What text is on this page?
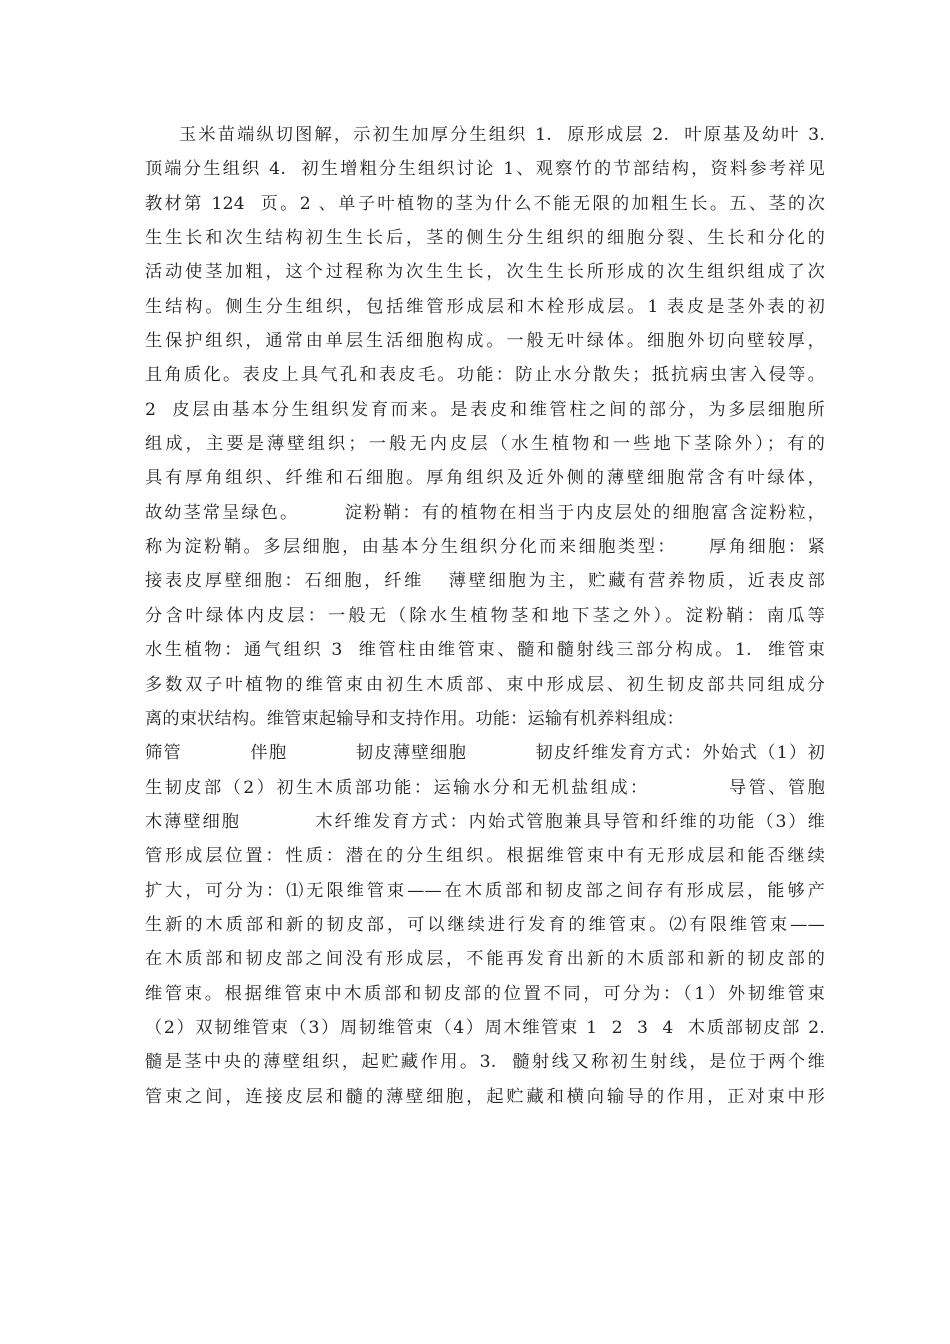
玉米苗端纵切图解，示初生加厚分生组织 1.  原形成层 2.  叶原基及幼叶 3.
顶端分生组织 4.  初生增粗分生组织讨论 1、观察竹的节部结构，资料参考祥见
教材第 124  页。2 、单子叶植物的茎为什么不能无限的加粗生长。五、茎的次
生生长和次生结构初生生长后，茎的侧生分生组织的细胞分裂、生长和分化的
活动使茎加粗，这个过程称为次生生长，次生生长所形成的次生组织组成了次
生结构。侧生分生组织，包括维管形成层和木栓形成层。1 表皮是茎外表的初
生保护组织，通常由单层生活细胞构成。一般无叶绿体。细胞外切向壁较厚，
且角质化。表皮上具气孔和表皮毛。功能：防止水分散失；抵抗病虫害入侵等。
2  皮层由基本分生组织发育而来。是表皮和维管柱之间的部分，为多层细胞所
组成，主要是薄壁组织；一般无内皮层（水生植物和一些地下茎除外）；有的
具有厚角组织、纤维和石细胞。厚角组织及近外侧的薄壁细胞常含有叶绿体，
故幼茎常呈绿色。      淀粉鞘：有的植物在相当于内皮层处的细胞富含淀粉粒，
称为淀粉鞘。多层细胞，由基本分生组织分化而来细胞类型：    厚角细胞：紧
接表皮厚壁细胞：石细胞，纤维   薄壁细胞为主，贮藏有营养物质，近表皮部
分含叶绿体内皮层：一般无（除水生植物茎和地下茎之外）。淀粉鞘：南瓜等
水生植物：通气组织 3  维管柱由维管束、髓和髓射线三部分构成。1.  维管束
多数双子叶植物的维管束由初生木质部、束中形成层、初生韧皮部共同组成分
离的束状结构。维管束起输导和支持作用。功能：运输有机养料组成：
筛管          伴胞          韧皮薄壁细胞          韧皮纤维发育方式：外始式（1）初
生韧皮部（2）初生木质部功能：运输水分和无机盐组成：          导管、管胞
木薄壁细胞          木纤维发育方式：内始式管胞兼具导管和纤维的功能（3）维
管形成层位置：性质：潜在的分生组织。根据维管束中有无形成层和能否继续
扩大，可分为：⑴无限维管束——在木质部和韧皮部之间存有形成层，能够产
生新的木质部和新的韧皮部，可以继续进行发育的维管束。⑵有限维管束——
在木质部和韧皮部之间没有形成层，不能再发育出新的木质部和新的韧皮部的
维管束。根据维管束中木质部和韧皮部的位置不同，可分为：（1）外韧维管束
（2）双韧维管束（3）周韧维管束（4）周木维管束 1  2  3  4  木质部韧皮部 2.
髓是茎中央的薄壁组织，起贮藏作用。3.  髓射线又称初生射线，是位于两个维
管束之间，连接皮层和髓的薄壁细胞，起贮藏和横向输导的作用，正对束中形
